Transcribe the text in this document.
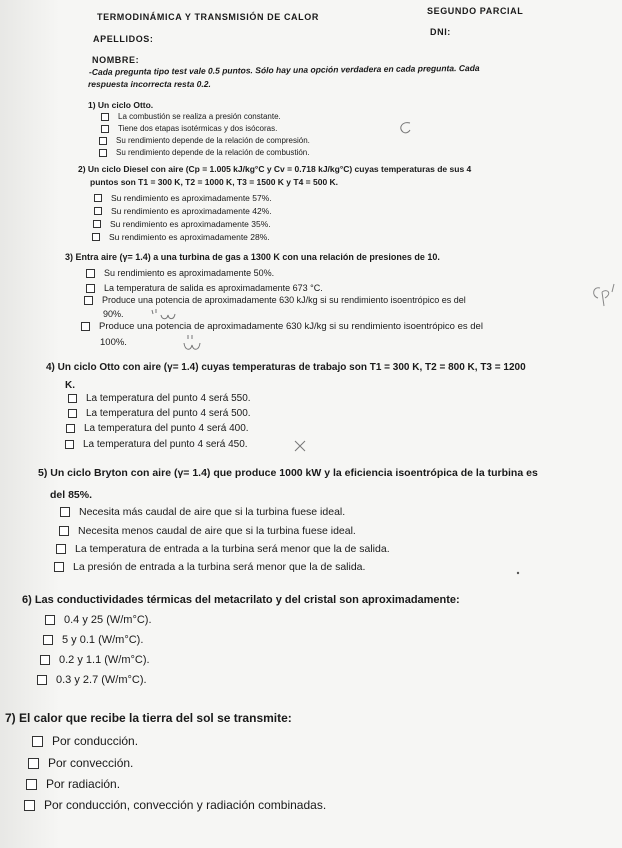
TERMODINÁMICA Y TRANSMISIÓN DE CALOR
SEGUNDO PARCIAL
APELLIDOS:
DNI:
NOMBRE:
-Cada pregunta tipo test vale 0.5 puntos. Sólo hay una opción verdadera en cada pregunta. Cada
respuesta incorrecta resta 0.2.
1) Un ciclo Otto.
La combustión se realiza a presión constante.
Tiene dos etapas isotérmicas y dos isócoras.
Su rendimiento depende de la relación de compresión.
Su rendimiento depende de la relación de combustión.
2) Un ciclo Diesel con aire (Cp = 1.005 kJ/kg°C y Cv = 0.718 kJ/kg°C) cuyas temperaturas de sus 4
puntos son T1 = 300 K, T2 = 1000 K, T3 = 1500 K y T4 = 500 K.
Su rendimiento es aproximadamente 57%.
Su rendimiento es aproximadamente 42%.
Su rendimiento es aproximadamente 35%.
Su rendimiento es aproximadamente 28%.
3) Entra aire (γ= 1.4) a una turbina de gas a 1300 K con una relación de presiones de 10.
Su rendimiento es aproximadamente 50%.
La temperatura de salida es aproximadamente 673 °C.
Produce una potencia de aproximadamente 630 kJ/kg si su rendimiento isoentrópico es del
90%.
Produce una potencia de aproximadamente 630 kJ/kg si su rendimiento isoentrópico es del
100%.
4) Un ciclo Otto con aire (γ= 1.4) cuyas temperaturas de trabajo son T1 = 300 K, T2 = 800 K, T3 = 1200
K.
La temperatura del punto 4 será 550.
La temperatura del punto 4 será 500.
La temperatura del punto 4 será 400.
La temperatura del punto 4 será 450.
5) Un ciclo Bryton con aire (γ= 1.4) que produce 1000 kW y la eficiencia isoentrópica de la turbina es
del 85%.
Necesita más caudal de aire que si la turbina fuese ideal.
Necesita menos caudal de aire que si la turbina fuese ideal.
La temperatura de entrada a la turbina será menor que la de salida.
La presión de entrada a la turbina será menor que la de salida.
6) Las conductividades térmicas del metacrilato y del cristal son aproximadamente:
0.4 y 25 (W/m°C).
5 y 0.1 (W/m°C).
0.2 y 1.1 (W/m°C).
0.3 y 2.7 (W/m°C).
7) El calor que recibe la tierra del sol se transmite:
Por conducción.
Por convección.
Por radiación.
Por conducción, convección y radiación combinadas.
